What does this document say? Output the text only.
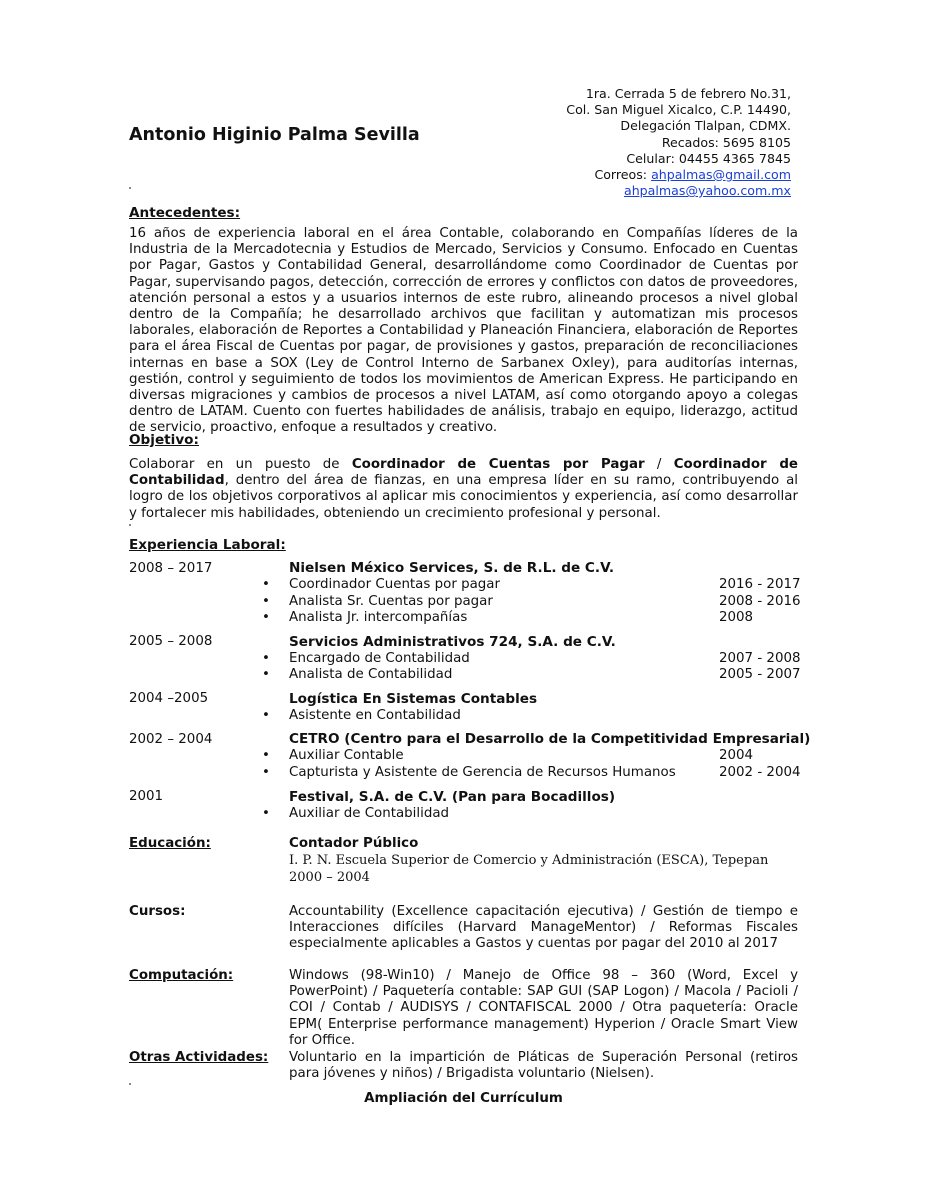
1ra. Cerrada 5 de febrero No.31,
Col. San Miguel Xicalco, C.P. 14490,
Delegación Tlalpan, CDMX.
Recados: 5695 8105
Celular: 04455 4365 7845
Correos: ahpalmas@gmail.com
ahpalmas@yahoo.com.mx
Antonio Higinio Palma Sevilla
Antecedentes:
16 años de experiencia laboral en el área Contable, colaborando en Compañías líderes de la Industria de la Mercadotecnia y Estudios de Mercado, Servicios y Consumo. Enfocado en Cuentas por Pagar, Gastos y Contabilidad General, desarrollándome como Coordinador de Cuentas por Pagar, supervisando pagos, detección, corrección de errores y conflictos con datos de proveedores, atención personal a estos y a usuarios internos de este rubro, alineando procesos a nivel global dentro de la Compañía; he desarrollado archivos que facilitan y automatizan mis procesos laborales, elaboración de Reportes a Contabilidad y Planeación Financiera, elaboración de Reportes para el área Fiscal de Cuentas por pagar, de provisiones y gastos, preparación de reconciliaciones internas en base a SOX (Ley de Control Interno de Sarbanex Oxley), para auditorías internas, gestión, control y seguimiento de todos los movimientos de American Express. He participando en diversas migraciones y cambios de procesos a nivel LATAM, así como otorgando apoyo a colegas dentro de LATAM. Cuento con fuertes habilidades de análisis, trabajo en equipo, liderazgo, actitud de servicio, proactivo, enfoque a resultados y creativo.
Objetivo:
Colaborar en un puesto de Coordinador de Cuentas por Pagar / Coordinador de Contabilidad, dentro del área de fianzas, en una empresa líder en su ramo, contribuyendo al logro de los objetivos corporativos al aplicar mis conocimientos y experiencia, así como desarrollar y fortalecer mis habilidades, obteniendo un crecimiento profesional y personal.
Experiencia Laboral:
2008 – 2017	Nielsen México Services, S. de R.L. de C.V.
• Coordinador Cuentas por pagar	2016 - 2017
• Analista Sr. Cuentas por pagar	2008 - 2016
• Analista Jr. intercompañías	2008
2005 – 2008	Servicios Administrativos 724, S.A. de C.V.
• Encargado de Contabilidad	2007 - 2008
• Analista de Contabilidad	2005 - 2007
2004 –2005	Logística En Sistemas Contables
• Asistente en Contabilidad
2002 – 2004	CETRO (Centro para el Desarrollo de la Competitividad Empresarial)
• Auxiliar Contable	2004
• Capturista y Asistente de Gerencia de Recursos Humanos	2002 - 2004
2001	Festival, S.A. de C.V. (Pan para Bocadillos)
• Auxiliar de Contabilidad
Educación:	Contador Público
I. P. N. Escuela Superior de Comercio y Administración (ESCA), Tepepan
2000 – 2004
Cursos:	Accountability (Excellence capacitación ejecutiva) / Gestión de tiempo e Interacciones difíciles (Harvard ManageMentor) / Reformas Fiscales especialmente aplicables a Gastos y cuentas por pagar del 2010 al 2017
Computación:	Windows (98-Win10) / Manejo de Office 98 – 360 (Word, Excel y PowerPoint) / Paquetería contable: SAP GUI (SAP Logon) / Macola / Pacioli / COI / Contab / AUDISYS / CONTAFISCAL 2000 / Otra paquetería: Oracle EPM( Enterprise performance management) Hyperion / Oracle Smart View for Office.
Otras Actividades: Voluntario en la impartición de Pláticas de Superación Personal (retiros para jóvenes y niños) / Brigadista voluntario (Nielsen).
Ampliación del Currículum
